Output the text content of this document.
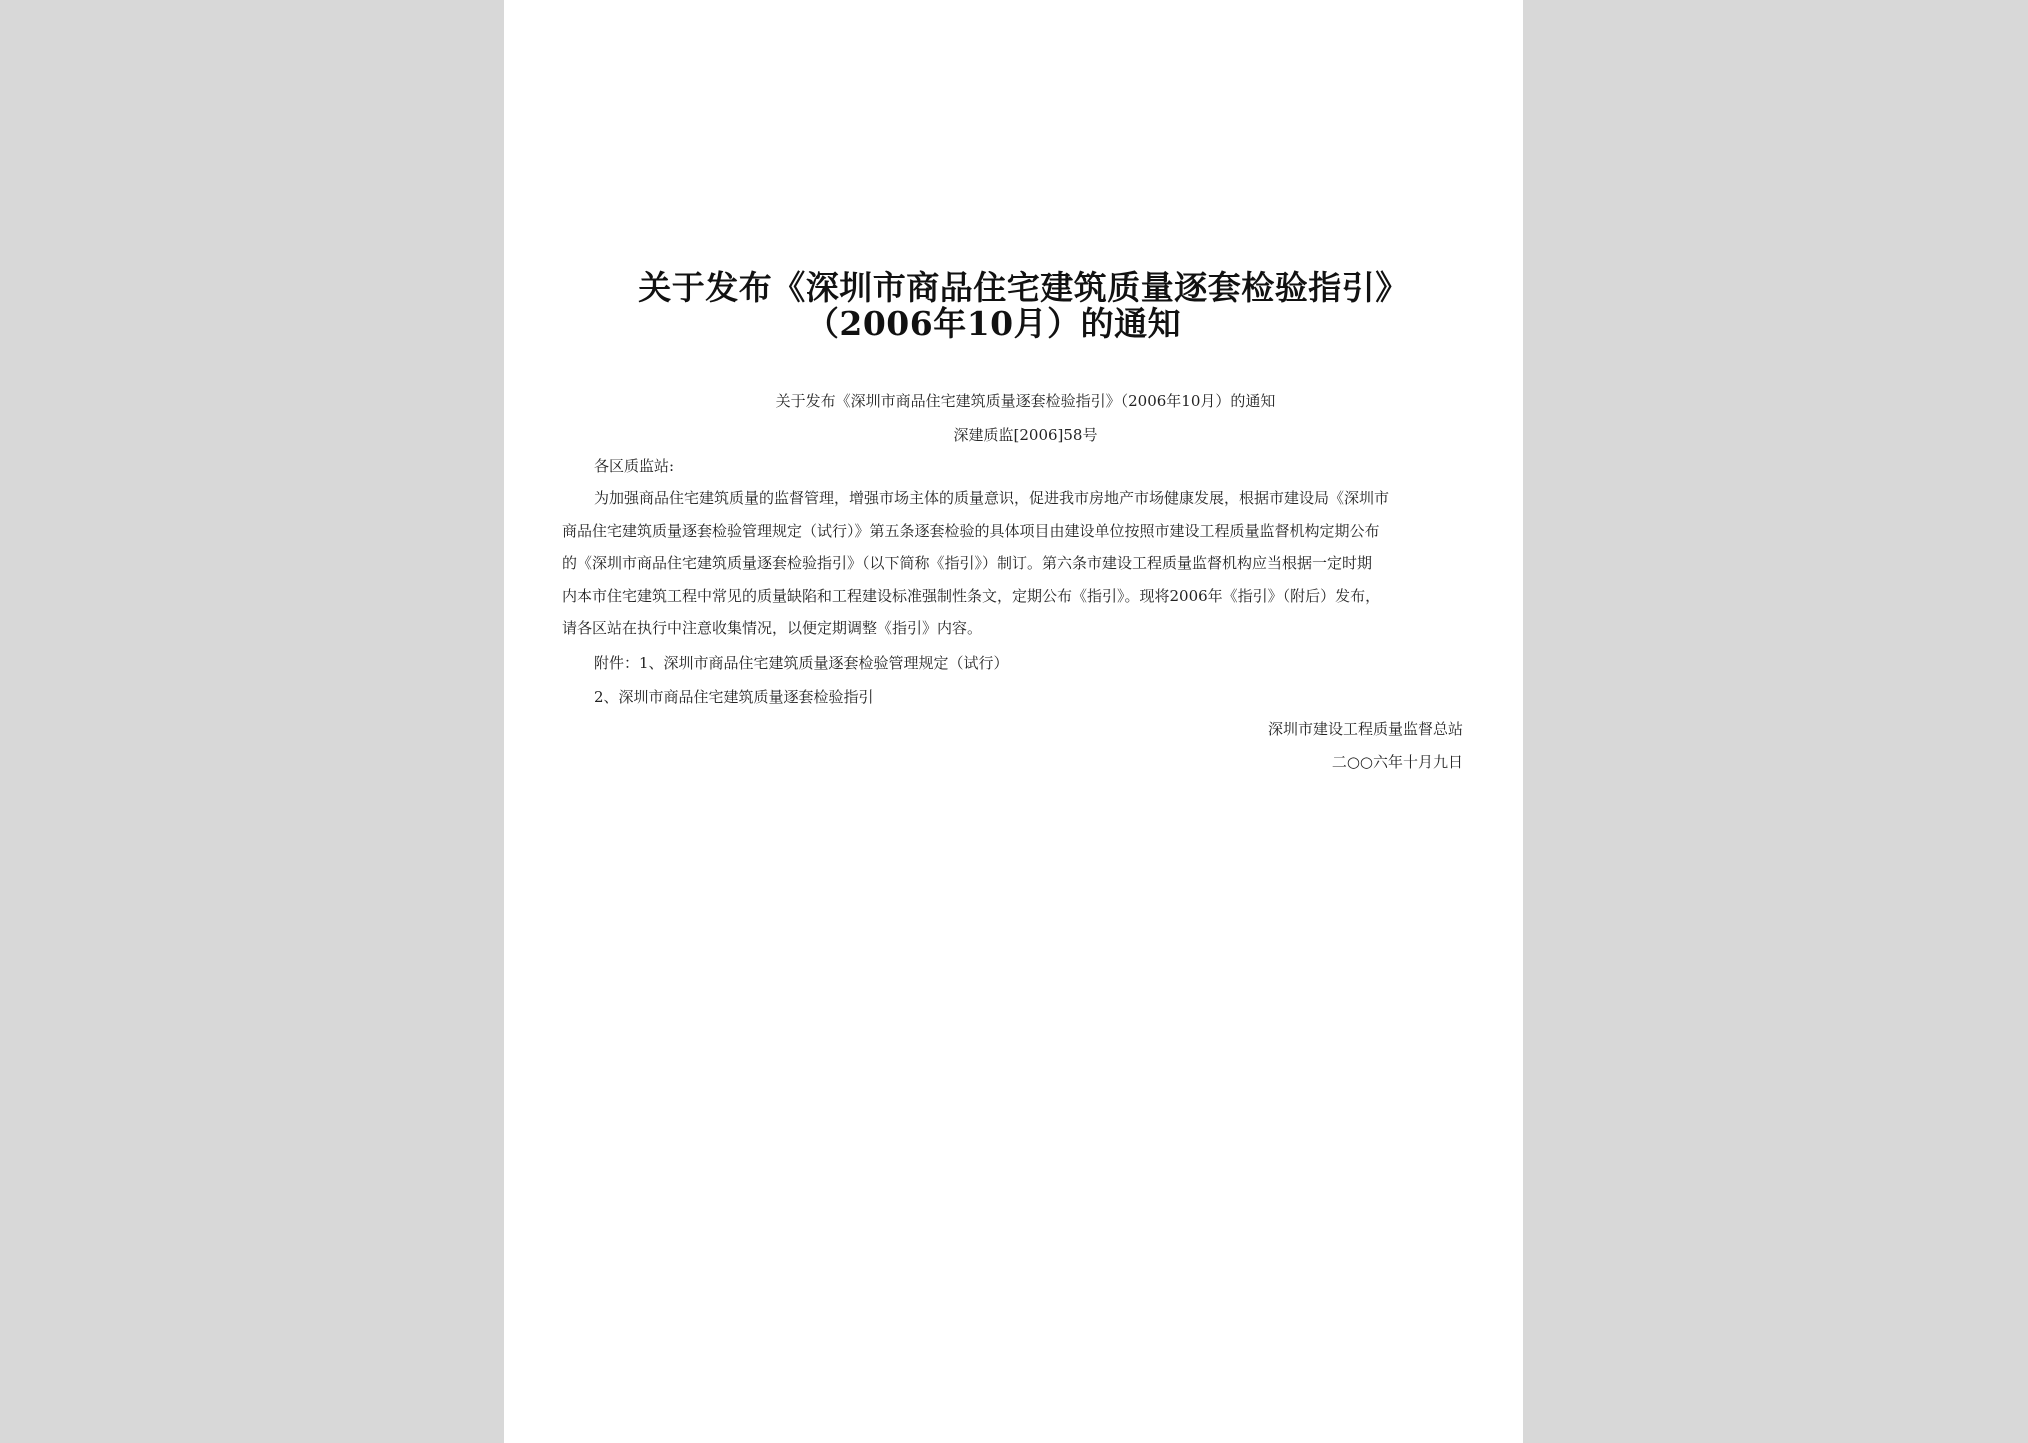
关于发布《深圳市商品住宅建筑质量逐套检验指引》
（2006年10月）的通知
关于发布《深圳市商品住宅建筑质量逐套检验指引》（2006年10月）的通知
深建质监[2006]58号
各区质监站:
为加强商品住宅建筑质量的监督管理，增强市场主体的质量意识，促进我市房地产市场健康发展，根据市建设局《深圳市
商品住宅建筑质量逐套检验管理规定（试行）》第五条逐套检验的具体项目由建设单位按照市建设工程质量监督机构定期公布
的《深圳市商品住宅建筑质量逐套检验指引》（以下简称《指引》）制订。第六条市建设工程质量监督机构应当根据一定时期
内本市住宅建筑工程中常见的质量缺陷和工程建设标准强制性条文，定期公布《指引》。现将2006年《指引》（附后）发布，
请各区站在执行中注意收集情况，以便定期调整《指引》内容。
附件：1、深圳市商品住宅建筑质量逐套检验管理规定（试行）
2、深圳市商品住宅建筑质量逐套检验指引
深圳市建设工程质量监督总站
二○○六年十月九日
